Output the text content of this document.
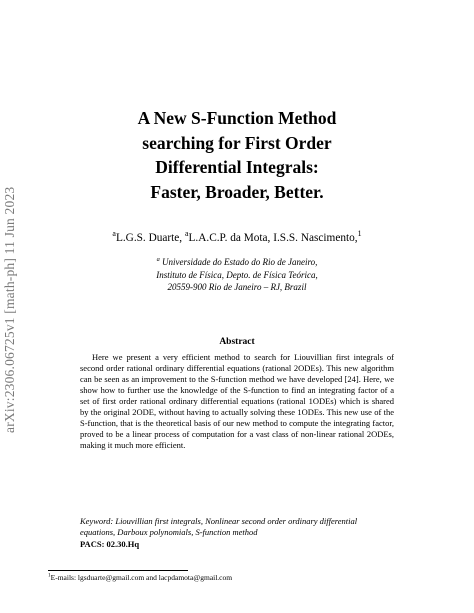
arXiv:2306.06725v1 [math-ph] 11 Jun 2023
A New S-Function Method
searching for First Order
Differential Integrals:
Faster, Broader, Better.
$^a$L.G.S. Duarte, $^a$L.A.C.P. da Mota, I.S.S. Nascimento,$^1$
$^a$ Universidade do Estado do Rio de Janeiro,
Instituto de Física, Depto. de Física Teórica,
20559-900 Rio de Janeiro – RJ, Brazil
Abstract
Here we present a very efficient method to search for Liouvillian first integrals of second order rational ordinary differential equations (rational 2ODEs). This new algorithm can be seen as an improvement to the S-function method we have developed [24]. Here, we show how to further use the knowledge of the S-function to find an integrating factor of a set of first order rational ordinary differential equations (rational 1ODEs) which is shared by the original 2ODE, without having to actually solving these 1ODEs. This new use of the S-function, that is the theoretical basis of our new method to compute the integrating factor, proved to be a linear process of computation for a vast class of non-linear rational 2ODEs, making it much more efficient.
Keyword: Liouvillian first integrals, Nonlinear second order ordinary differential equations, Darboux polynomials, S-function method
PACS: 02.30.Hq
$^1$E-mails: lgsduarte@gmail.com and lacpdamota@gmail.com
